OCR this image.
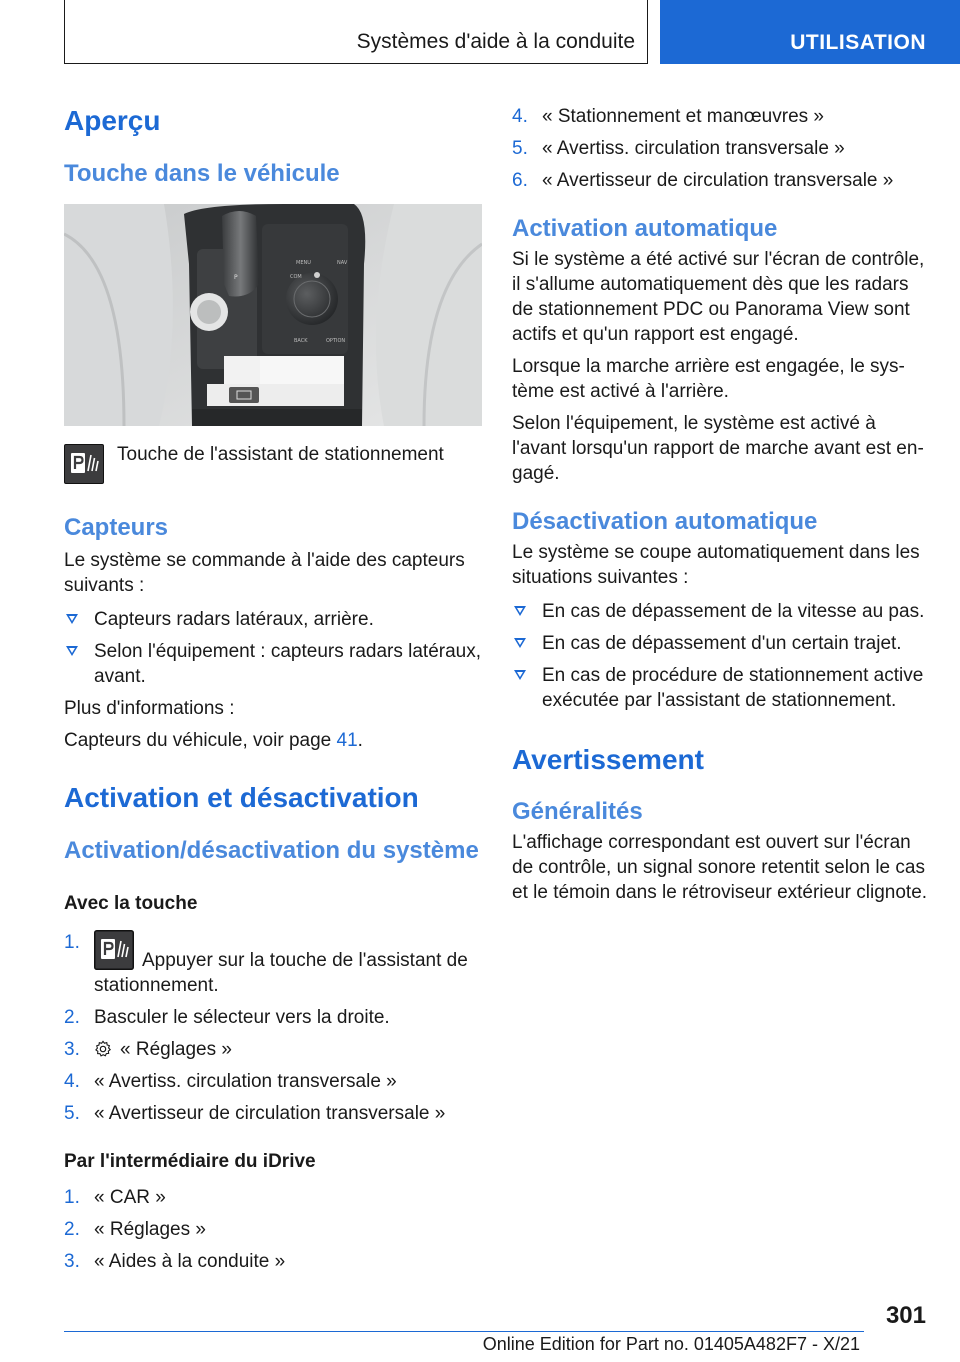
Systèmes d'aide à la conduite	UTILISATION
Aperçu
Touche dans le véhicule
MENU	NAV
COM
BACK	OPTION
P
Touche de l'assistant de stationnement
Capteurs

Le système se commande à l'aide des capteurs suivants :

Capteurs radars latéraux, arrière.
Selon l'équipement : capteurs radars latéraux, avant.

Plus d'informations :

Capteurs du véhicule, voir page 41.

Activation et désactivation
Activation/désactivation du système
Avec la touche
1.
Appuyer sur la touche de l'assistant de stationnement.
2. Basculer le sélecteur vers la droite.
3. « Réglages »
4. « Avertiss. circulation transversale »
5. « Avertisseur de circulation transversale »
Par l'intermédiaire du iDrive
1. « CAR »
2. « Réglages »
3. « Aides à la conduite »
4. « Stationnement et manœuvres »
5. « Avertiss. circulation transversale »
6. « Avertisseur de circulation transversale »
Activation automatique

Si le système a été activé sur l'écran de contrôle, il s'allume automatiquement dès que les radars de stationnement PDC ou Panorama View sont actifs et qu'un rapport est engagé.

Lorsque la marche arrière est engagée, le système est activé à l'arrière.

Selon l'équipement, le système est activé à l'avant lorsqu'un rapport de marche avant est engagé.

Désactivation automatique

Le système se coupe automatiquement dans les situations suivantes :

En cas de dépassement de la vitesse au pas.
En cas de dépassement d'un certain trajet.
En cas de procédure de stationnement active exécutée par l'assistant de stationnement.
Avertissement
Généralités

L'affichage correspondant est ouvert sur l'écran de contrôle, un signal sonore retentit selon le cas et le témoin dans le rétroviseur extérieur clignote.

301
Online Edition for Part no. 01405A482F7 - X/21
